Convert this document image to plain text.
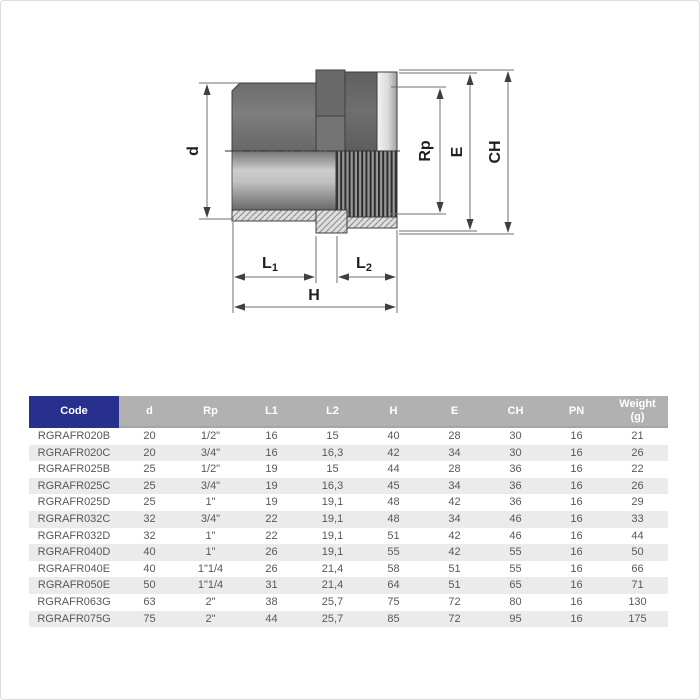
d	Rp E CH
L1	L2
H
Code	d	Rp	L1	L2	H	E	CH	PN	Weight
(g)

RGRAFR020B	20	1/2"	16	15	40	28	30	16	21
RGRAFR020C	20	3/4"	16	16,3	42	34	30	16	26
RGRAFR025B	25	1/2"	19	15	44	28	36	16	22
RGRAFR025C	25	3/4"	19	16,3	45	34	36	16	26
RGRAFR025D	25	1"	19	19,1	48	42	36	16	29
RGRAFR032C	32	3/4"	22	19,1	48	34	46	16	33
RGRAFR032D	32	1"	22	19,1	51	42	46	16	44
RGRAFR040D	40	1"	26	19,1	55	42	55	16	50
RGRAFR040E	40	1"1/4	26	21,4	58	51	55	16	66
RGRAFR050E	50	1"1/4	31	21,4	64	51	65	16	71
RGRAFR063G	63	2"	38	25,7	75	72	80	16	130
RGRAFR075G	75	2"	44	25,7	85	72	95	16	175
